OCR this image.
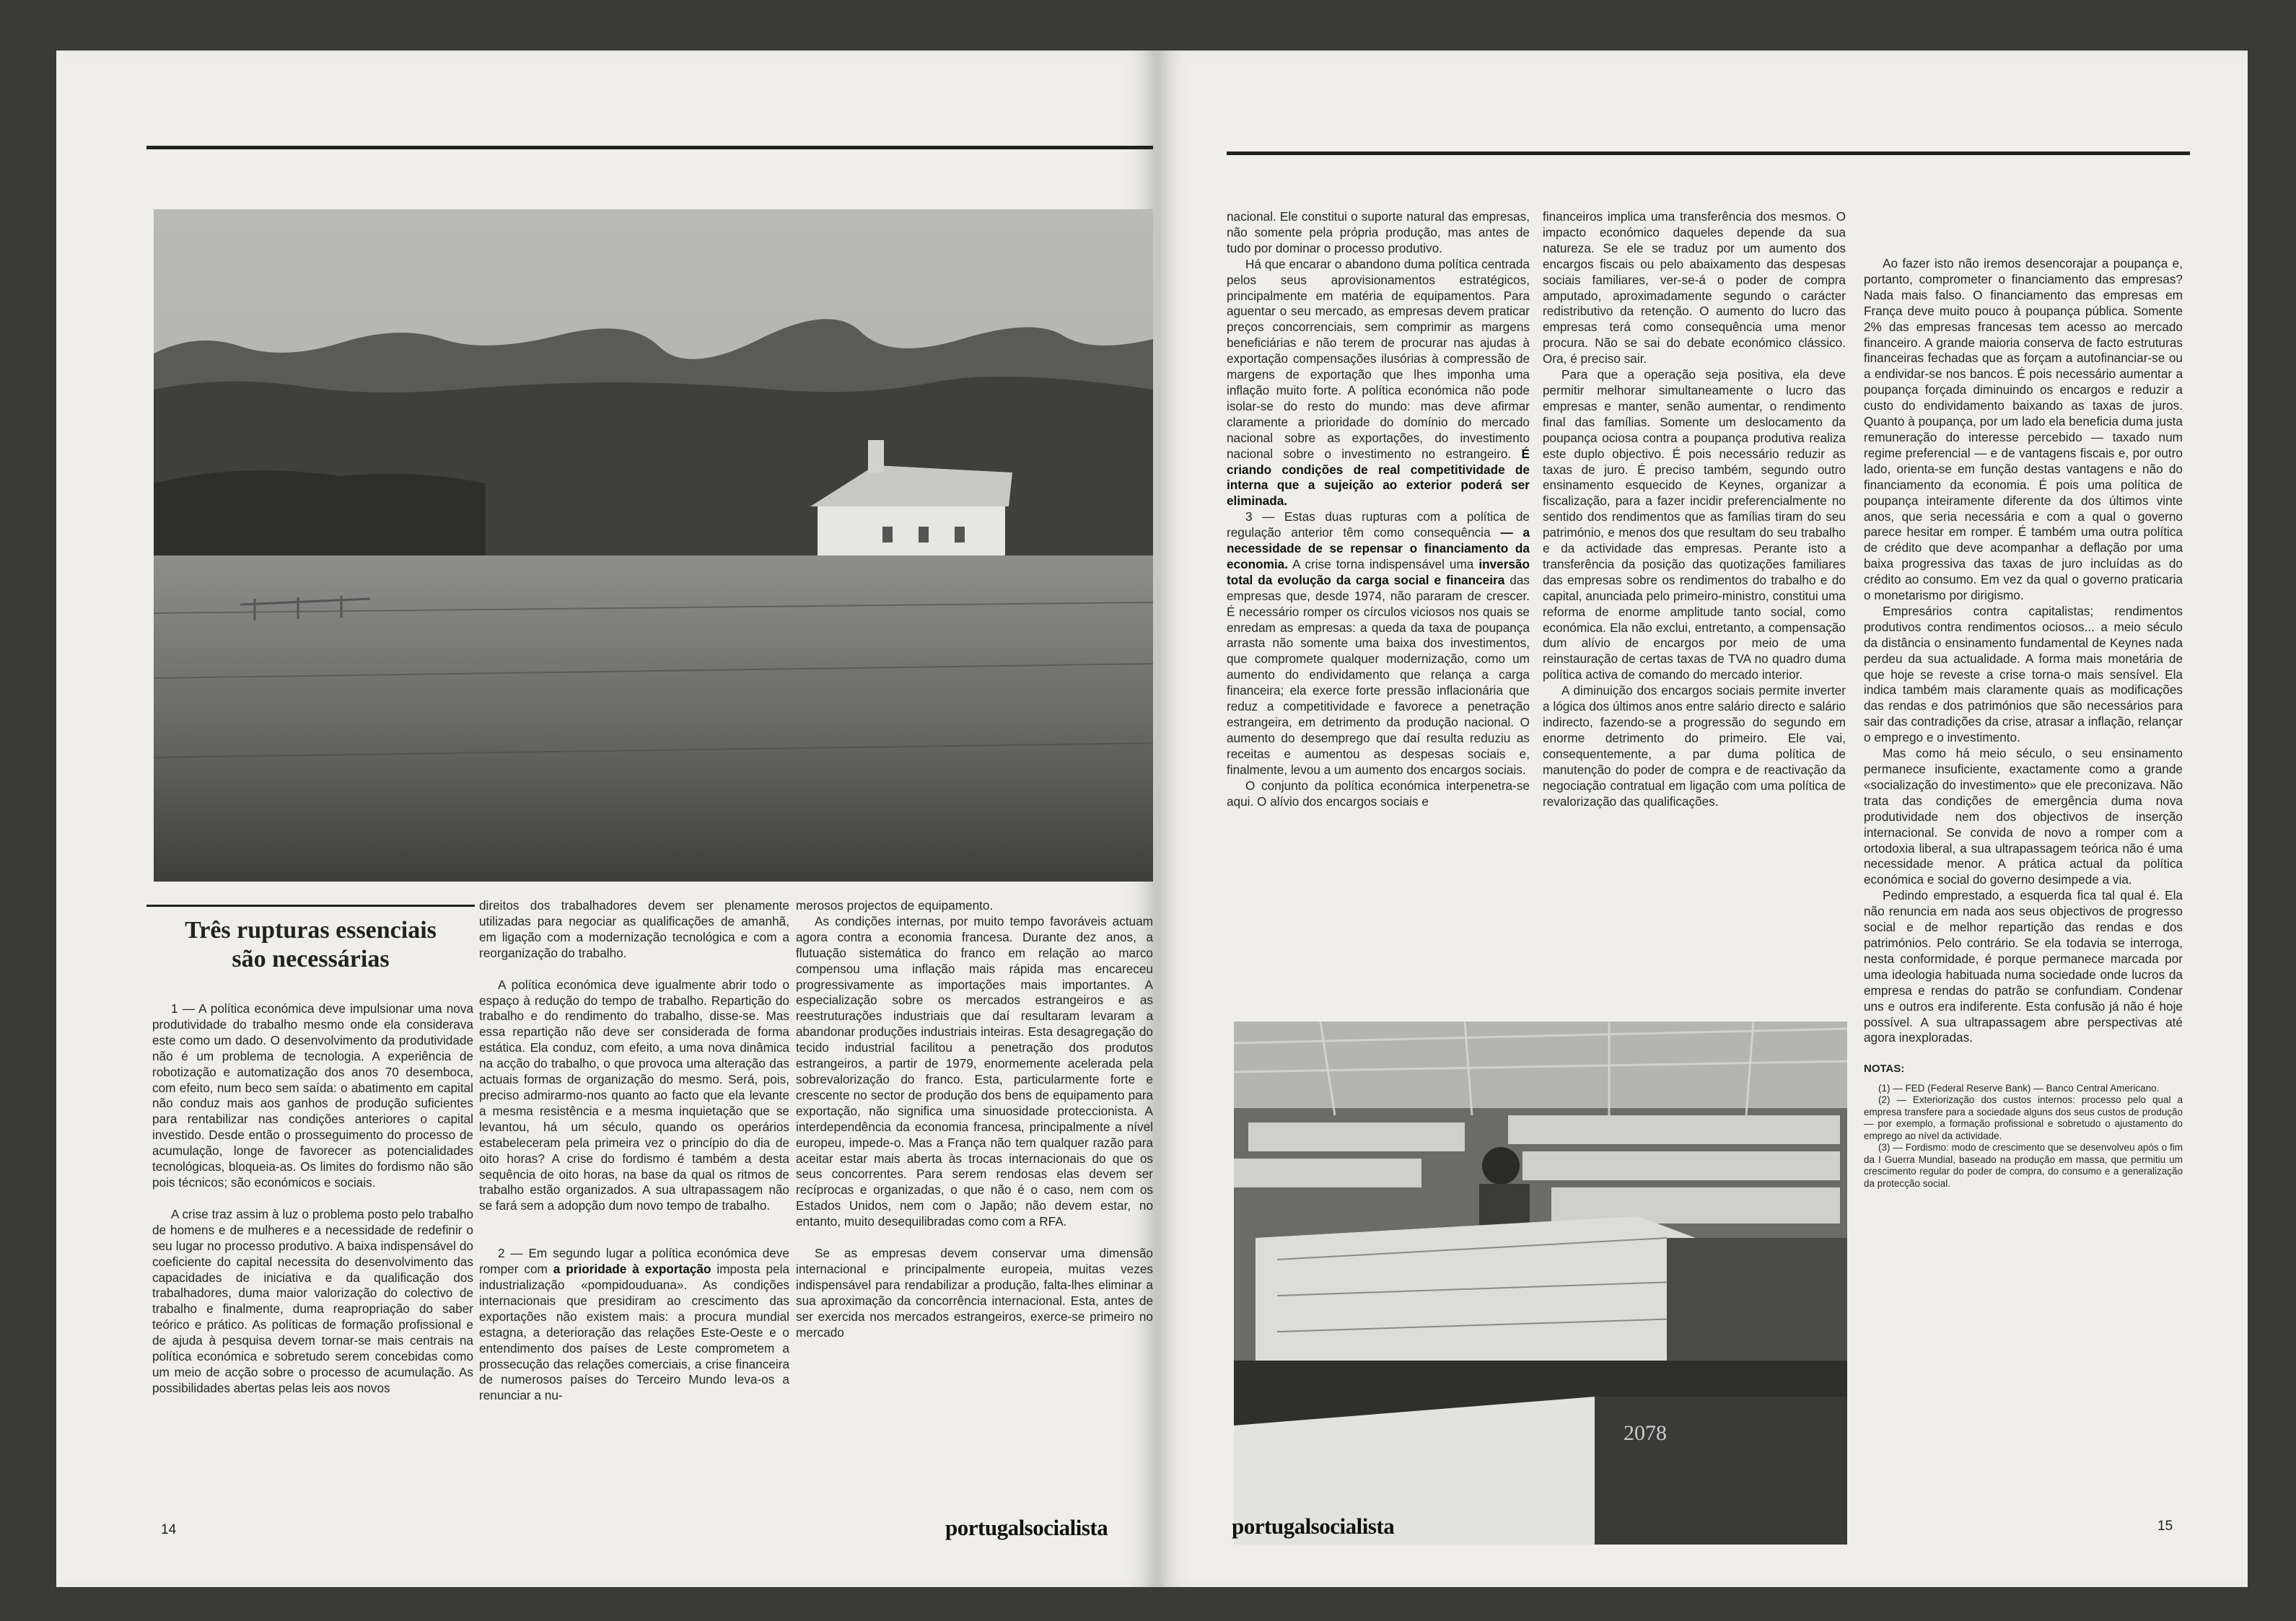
Três rupturas essenciais
são necessárias

1 — A política económica deve impulsionar uma nova produtividade do trabalho mesmo onde ela considerava este como um dado. O desenvolvimento da produtividade não é um problema de tecnologia. A experiência de robotização e automatização dos anos 70 desemboca, com efeito, num beco sem saída: o abatimento em capital não conduz mais aos ganhos de produção suficientes para rentabilizar nas condições anteriores o capital investido. Desde então o prosseguimento do processo de acumulação, longe de favorecer as potencialidades tecnológicas, bloqueia-as. Os limites do fordismo não são pois técnicos; são económicos e sociais.

A crise traz assim à luz o problema posto pelo trabalho de homens e de mulheres e a necessidade de redefinir o seu lugar no processo produtivo. A baixa indispensável do coeficiente do capital necessita do desenvolvimento das capacidades de iniciativa e da qualificação dos trabalhadores, duma maior valorização do colectivo de trabalho e finalmente, duma reapropriação do saber teórico e prático. As políticas de formação profissional e de ajuda à pesquisa devem tornar-se mais centrais na política económica e sobretudo serem concebidas como um meio de acção sobre o processo de acumulação. As possibilidades abertas pelas leis aos novos

direitos dos trabalhadores devem ser plenamente utilizadas para negociar as qualificações de amanhã, em ligação com a modernização tecnológica e com a reorganização do trabalho.

A política económica deve igualmente abrir todo o espaço à redução do tempo de trabalho. Repartição do trabalho e do rendimento do trabalho, disse-se. Mas essa repartição não deve ser considerada de forma estática. Ela conduz, com efeito, a uma nova dinâmica na acção do trabalho, o que provoca uma alteração das actuais formas de organização do mesmo. Será, pois, preciso admirarmo-nos quanto ao facto que ela levante a mesma resistência e a mesma inquietação que se levantou, há um século, quando os operários estabeleceram pela primeira vez o princípio do dia de oito horas? A crise do fordismo é também a desta sequência de oito horas, na base da qual os ritmos de trabalho estão organizados. A sua ultrapassagem não se fará sem a adopção dum novo tempo de trabalho.

2 — Em segundo lugar a política económica deve romper com a prioridade à exportação imposta pela industrialização «pompidouduana». As condições internacionais que presidiram ao crescimento das exportações não existem mais: a procura mundial estagna, a deterioração das relações Este-Oeste e o entendimento dos países de Leste comprometem a prossecução das relações comerciais, a crise financeira de numerosos países do Terceiro Mundo leva-os a renunciar a nu-

merosos projectos de equipamento.

As condições internas, por muito tempo favoráveis actuam agora contra a economia francesa. Durante dez anos, a flutuação sistemática do franco em relação ao marco compensou uma inflação mais rápida mas encareceu progressivamente as importações mais importantes. A especialização sobre os mercados estrangeiros e as reestruturações industriais que daí resultaram levaram a abandonar produções industriais inteiras. Esta desagregação do tecido industrial facilitou a penetração dos produtos estrangeiros, a partir de 1979, enormemente acelerada pela sobrevalorização do franco. Esta, particularmente forte e crescente no sector de produção dos bens de equipamento para exportação, não significa uma sinuosidade proteccionista. A interdependência da economia francesa, principalmente a nível europeu, impede-o. Mas a França não tem qualquer razão para aceitar estar mais aberta às trocas internacionais do que os seus concorrentes. Para serem rendosas elas devem ser recíprocas e organizadas, o que não é o caso, nem com os Estados Unidos, nem com o Japão; não devem estar, no entanto, muito desequilibradas como com a RFA.

Se as empresas devem conservar uma dimensão internacional e principalmente europeia, muitas vezes indispensável para rendabilizar a produção, falta-lhes eliminar a sua aproximação da concorrência internacional. Esta, antes de ser exercida nos mercados estrangeiros, exerce-se primeiro no mercado

14	portugalsocialista

nacional. Ele constitui o suporte natural das empresas, não somente pela própria produção, mas antes de tudo por dominar o processo produtivo.

Há que encarar o abandono duma política centrada pelos seus aprovisionamentos estratégicos, principalmente em matéria de equipamentos. Para aguentar o seu mercado, as empresas devem praticar preços concorrenciais, sem comprimir as margens beneficiárias e não terem de procurar nas ajudas à exportação compensações ilusórias à compressão de margens de exportação que lhes imponha uma inflação muito forte. A política económica não pode isolar-se do resto do mundo: mas deve afirmar claramente a prioridade do domínio do mercado nacional sobre as exportações, do investimento nacional sobre o investimento no estrangeiro. É criando condições de real competitividade de interna que a sujeição ao exterior poderá ser eliminada.

3 — Estas duas rupturas com a política de regulação anterior têm como consequência — a necessidade de se repensar o financiamento da economia. A crise torna indispensável uma inversão total da evolução da carga social e financeira das empresas que, desde 1974, não pararam de crescer. É necessário romper os círculos viciosos nos quais se enredam as empresas: a queda da taxa de poupança arrasta não somente uma baixa dos investimentos, que compromete qualquer modernização, como um aumento do endividamento que relança a carga financeira; ela exerce forte pressão inflacionária que reduz a competitividade e favorece a penetração estrangeira, em detrimento da produção nacional. O aumento do desemprego que daí resulta reduziu as receitas e aumentou as despesas sociais e, finalmente, levou a um aumento dos encargos sociais.

O conjunto da política económica interpenetra-se aqui. O alívio dos encargos sociais e

financeiros implica uma transferência dos mesmos. O impacto económico daqueles depende da sua natureza. Se ele se traduz por um aumento dos encargos fiscais ou pelo abaixamento das despesas sociais familiares, ver-se-á o poder de compra amputado, aproximadamente segundo o carácter redistributivo da retenção. O aumento do lucro das empresas terá como consequência uma menor procura. Não se sai do debate económico clássico. Ora, é preciso sair.

Para que a operação seja positiva, ela deve permitir melhorar simultaneamente o lucro das empresas e manter, senão aumentar, o rendimento final das famílias. Somente um deslocamento da poupança ociosa contra a poupança produtiva realiza este duplo objectivo. É pois necessário reduzir as taxas de juro. É preciso também, segundo outro ensinamento esquecido de Keynes, organizar a fiscalização, para a fazer incidir preferencialmente no sentido dos rendimentos que as famílias tiram do seu património, e menos dos que resultam do seu trabalho e da actividade das empresas. Perante isto a transferência da posição das quotizações familiares das empresas sobre os rendimentos do trabalho e do capital, anunciada pelo primeiro-ministro, constitui uma reforma de enorme amplitude tanto social, como económica. Ela não exclui, entretanto, a compensação dum alívio de encargos por meio de uma reinstauração de certas taxas de TVA no quadro duma política activa de comando do mercado interior.

A diminuição dos encargos sociais permite inverter a lógica dos últimos anos entre salário directo e salário indirecto, fazendo-se a progressão do segundo em enorme detrimento do primeiro. Ele vai, consequentemente, a par duma política de manutenção do poder de compra e de reactivação da negociação contratual em ligação com uma política de revalorização das qualificações.

2078

Ao fazer isto não iremos desencorajar a poupança e, portanto, comprometer o financiamento das empresas? Nada mais falso. O financiamento das empresas em França deve muito pouco à poupança pública. Somente 2% das empresas francesas tem acesso ao mercado financeiro. A grande maioria conserva de facto estruturas financeiras fechadas que as forçam a autofinanciar-se ou a endividar-se nos bancos. É pois necessário aumentar a poupança forçada diminuindo os encargos e reduzir a custo do endividamento baixando as taxas de juros. Quanto à poupança, por um lado ela beneficia duma justa remuneração do interesse percebido — taxado num regime preferencial — e de vantagens fiscais e, por outro lado, orienta-se em função destas vantagens e não do financiamento da economia. É pois uma política de poupança inteiramente diferente da dos últimos vinte anos, que seria necessária e com a qual o governo parece hesitar em romper. É também uma outra política de crédito que deve acompanhar a deflação por uma baixa progressiva das taxas de juro incluídas as do crédito ao consumo. Em vez da qual o governo praticaria o monetarismo por dirigismo.

Empresários contra capitalistas; rendimentos produtivos contra rendimentos ociosos... a meio século da distância o ensinamento fundamental de Keynes nada perdeu da sua actualidade. A forma mais monetária de que hoje se reveste a crise torna-o mais sensível. Ela indica também mais claramente quais as modificações das rendas e dos patrimónios que são necessários para sair das contradições da crise, atrasar a inflação, relançar o emprego e o investimento.

Mas como há meio século, o seu ensinamento permanece insuficiente, exactamente como a grande «socialização do investimento» que ele preconizava. Não trata das condições de emergência duma nova produtividade nem dos objectivos de inserção internacional. Se convida de novo a romper com a ortodoxia liberal, a sua ultrapassagem teórica não é uma necessidade menor. A prática actual da política económica e social do governo desimpede a via.

Pedindo emprestado, a esquerda fica tal qual é. Ela não renuncia em nada aos seus objectivos de progresso social e de melhor repartição das rendas e dos patrimónios. Pelo contrário. Se ela todavia se interroga, nesta conformidade, é porque permanece marcada por uma ideologia habituada numa sociedade onde lucros da empresa e rendas do patrão se confundiam. Condenar uns e outros era indiferente. Esta confusão já não é hoje possível. A sua ultrapassagem abre perspectivas até agora inexploradas.

NOTAS:

(1) — FED (Federal Reserve Bank) — Banco Central Americano.

(2) — Exteriorização dos custos internos: processo pelo qual a empresa transfere para a sociedade alguns dos seus custos de produção — por exemplo, a formação profissional e sobretudo o ajustamento do emprego ao nível da actividade.

(3) — Fordismo: modo de crescimento que se desenvolveu após o fim da I Guerra Mundial, baseado na produção em massa, que permitiu um crescimento regular do poder de compra, do consumo e a generalização da protecção social.

portugalsocialista	15
